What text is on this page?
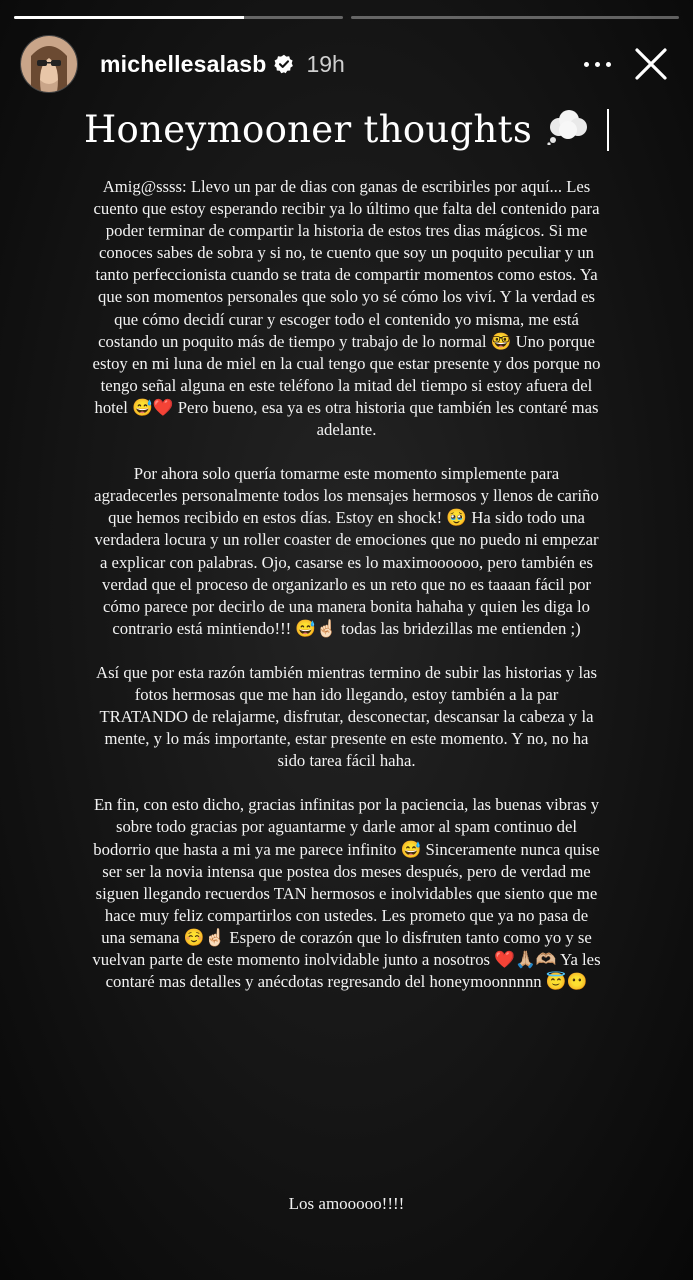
michellesalasb 19h
Honeymooner thoughts

Amig@ssss: Llevo un par de dias con ganas de escribirles por aquí... Les cuento que estoy esperando recibir ya lo último que falta del contenido para poder terminar de compartir la historia de estos tres dias mágicos. Si me conoces sabes de sobra y si no, te cuento que soy un poquito peculiar y un tanto perfeccionista cuando se trata de compartir momentos como estos. Ya que son momentos personales que solo yo sé cómo los viví. Y la verdad es que cómo decidí curar y escoger todo el contenido yo misma, me está costando un poquito más de tiempo y trabajo de lo normal 🤓 Uno porque estoy en mi luna de miel en la cual tengo que estar presente y dos porque no tengo señal alguna en este teléfono la mitad del tiempo si estoy afuera del hotel 😅❤️ Pero bueno, esa ya es otra historia que también les contaré mas adelante.

Por ahora solo quería tomarme este momento simplemente para agradecerles personalmente todos los mensajes hermosos y llenos de cariño que hemos recibido en estos días. Estoy en shock! 🥹 Ha sido todo una verdadera locura y un roller coaster de emociones que no puedo ni empezar a explicar con palabras. Ojo, casarse es lo maximoooooo, pero también es verdad que el proceso de organizarlo es un reto que no es taaaan fácil por cómo parece por decirlo de una manera bonita hahaha y quien les diga lo contrario está mintiendo!!! 😅☝🏻 todas las bridezillas me entienden ;)

Así que por esta razón también mientras termino de subir las historias y las fotos hermosas que me han ido llegando, estoy también a la par TRATANDO de relajarme, disfrutar, desconectar, descansar la cabeza y la mente, y lo más importante, estar presente en este momento. Y no, no ha sido tarea fácil haha.

En fin, con esto dicho, gracias infinitas por la paciencia, las buenas vibras y sobre todo gracias por aguantarme y darle amor al spam continuo del bodorrio que hasta a mi ya me parece infinito 😅 Sinceramente nunca quise ser ser la novia intensa que postea dos meses después, pero de verdad me siguen llegando recuerdos TAN hermosos e inolvidables que siento que me hace muy feliz compartirlos con ustedes. Les prometo que ya no pasa de una semana ☺️☝🏻 Espero de corazón que lo disfruten tanto como yo y se vuelvan parte de este momento inolvidable junto a nosotros ❤️🙏🏼🫶🏼 Ya les contaré mas detalles y anécdotas regresando del honeymoonnnnn 😇😶

Los amooooo!!!!
